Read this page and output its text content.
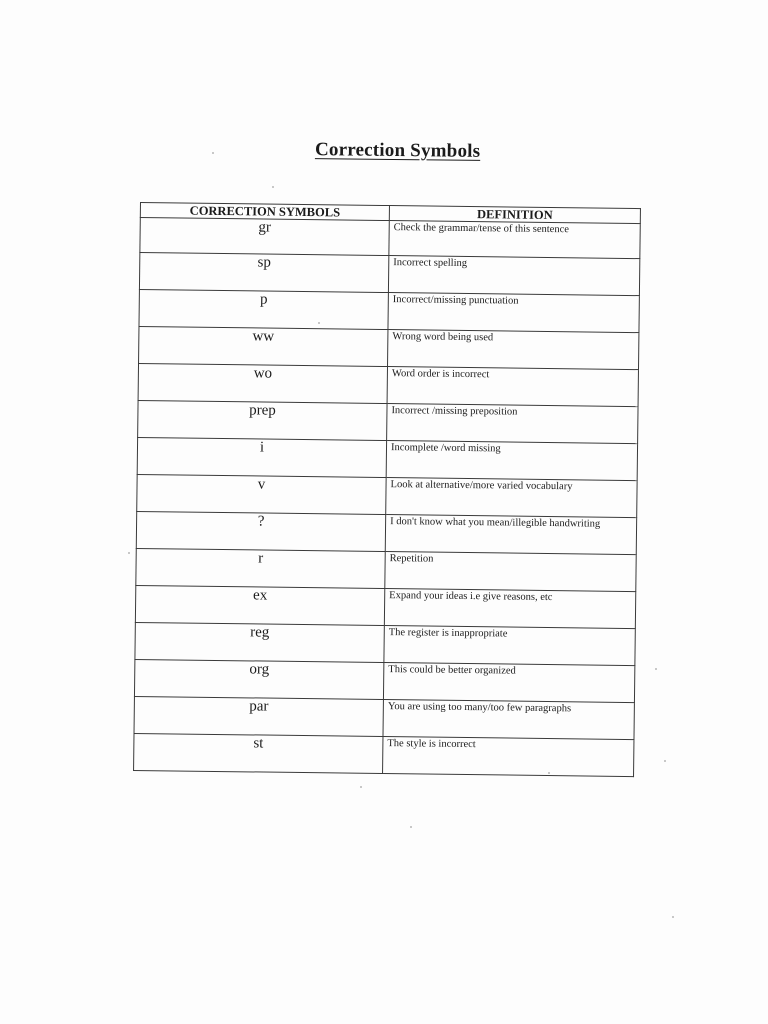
Correction Symbols
CORRECTION SYMBOLS	DEFINITION
gr	Check the grammar/tense of this sentence
sp	Incorrect spelling
p	Incorrect/missing punctuation
ww	Wrong word being used
wo	Word order is incorrect
prep	Incorrect /missing preposition
i	Incomplete /word missing
v	Look at alternative/more varied vocabulary
?	I don't know what you mean/illegible handwriting
r	Repetition
ex	Expand your ideas i.e give reasons, etc
reg	The register is inappropriate
org	This could be better organized
par	You are using too many/too few paragraphs
st	The style is incorrect
